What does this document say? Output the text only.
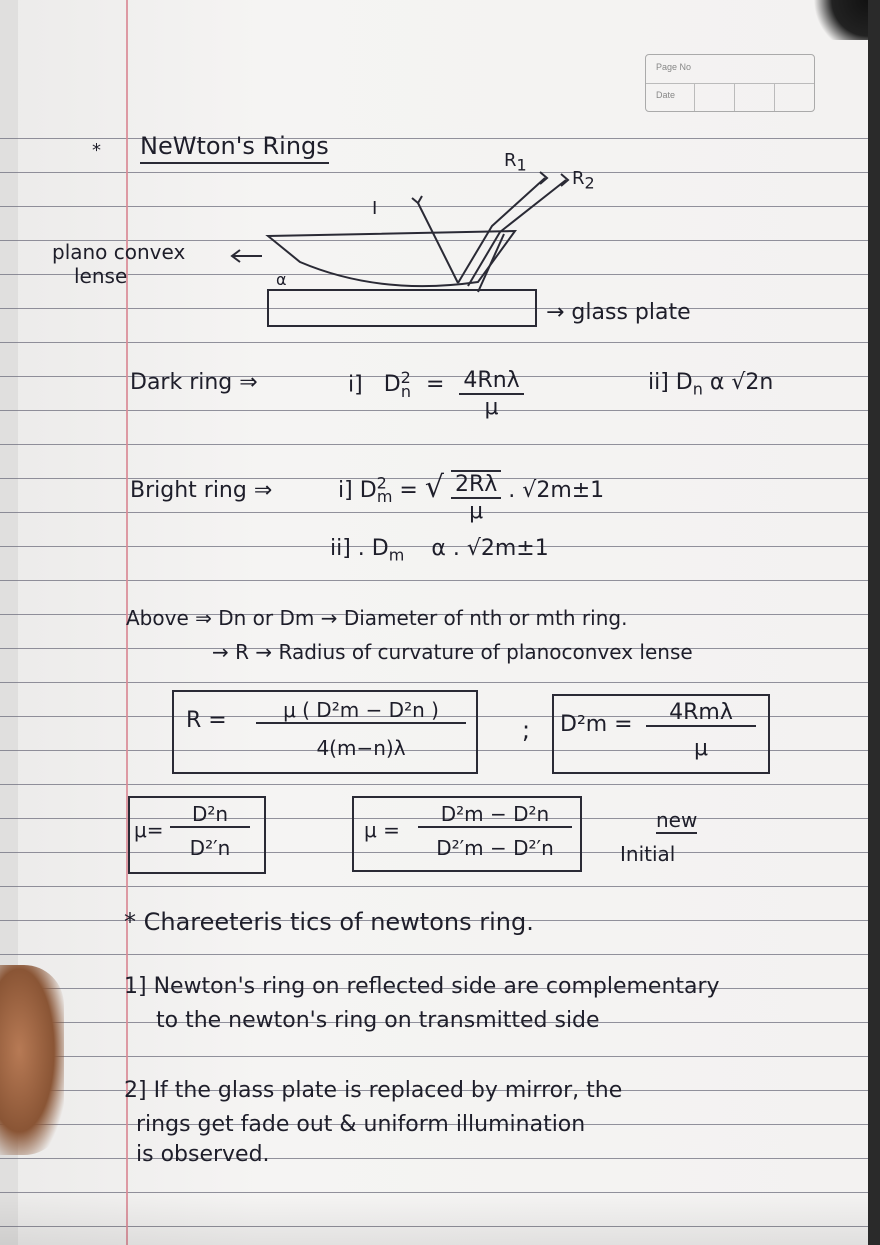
Page No
Date
* NeWton's Rings
I
$R_1$
$R_2$
plano convex
lense	α
→ glass plate
Dark ring ⇒	i] $D^2_n = \frac{\text{4Rnλ}}{\mu}$	ii] $D_n$ α √2n
Bright ring ⇒	i] $D^2_m$ = √ $\frac{2R\lambda}{\mu}$ . √2m±1
ii] . $D_m$ α . √2m±1
Above ⇒ Dn or Dm → Diameter of nth or mth ring.
→ R → Radius of curvature of planoconvex lense
R =	μ ( D²m − D²n )
4(m−n)λ
; D²m =	4Rmλ
μ
μ=
D²n
D²′n
μ =
D²m − D²n
D²′m − D²′n
new
Initial
* Chareeteris tics of newtons ring.
1] Newton's ring on reflected side are complementary
to the newton's ring on transmitted side
2] If the glass plate is replaced by mirror, the
rings get fade out & uniform illumination
is observed.
